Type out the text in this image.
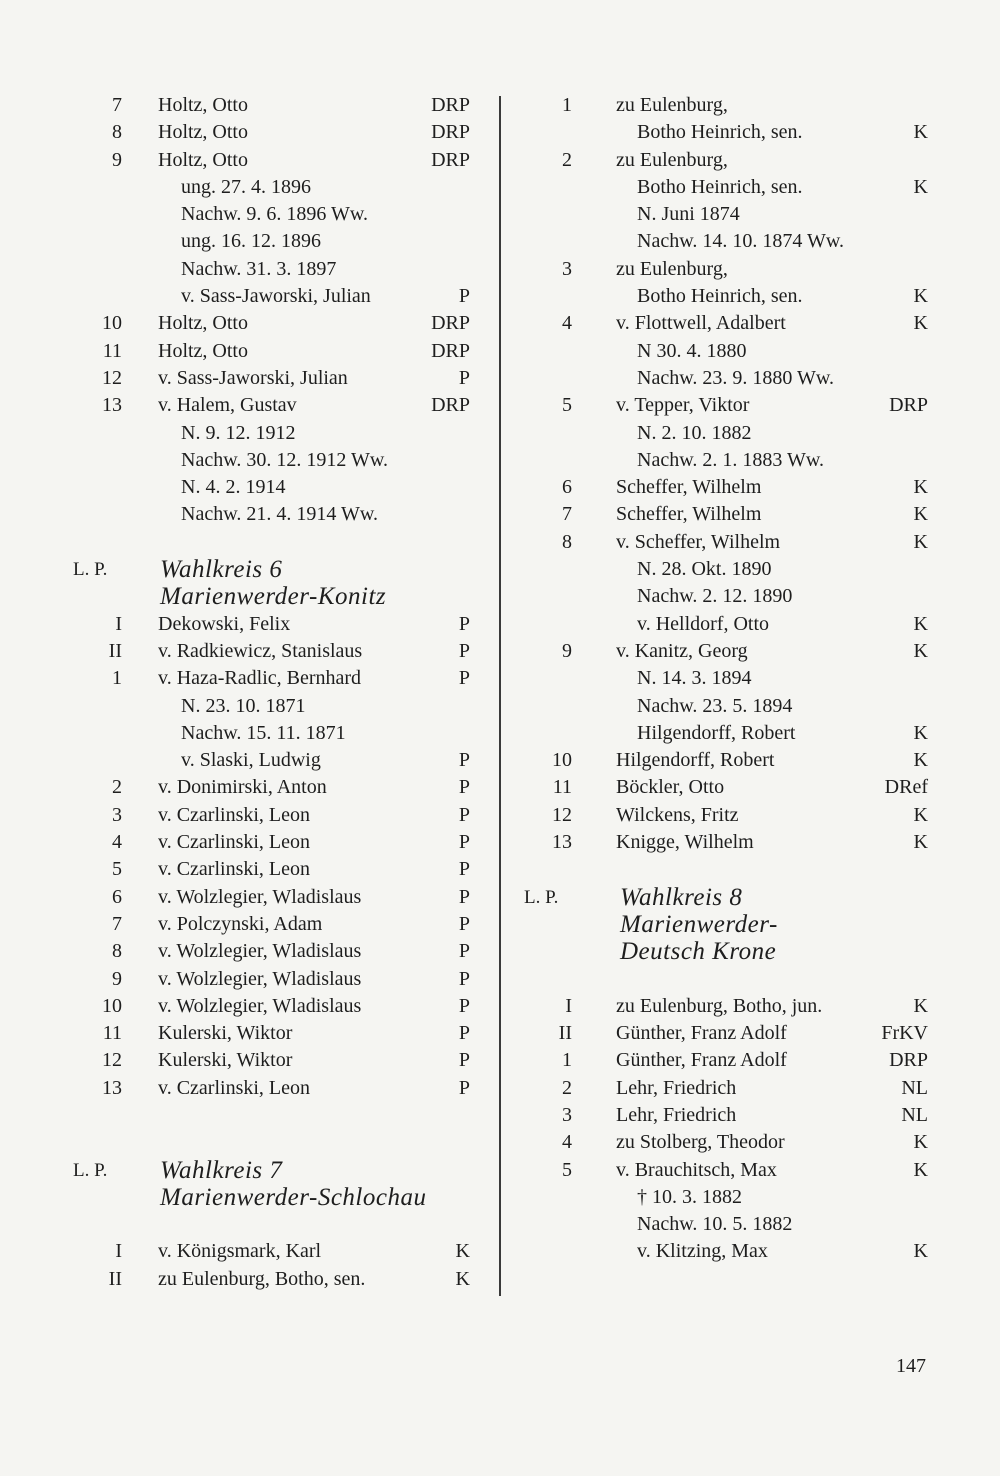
7 Holtz, Otto	DRP
8 Holtz, Otto	DRP
9 Holtz, Otto	DRP
ung. 27. 4. 1896
Nachw. 9. 6. 1896 Ww.
ung. 16. 12. 1896
Nachw. 31. 3. 1897
v. Sass-Jaworski, Julian	P
10 Holtz, Otto	DRP
11 Holtz, Otto	DRP
12 v. Sass-Jaworski, Julian	P
13 v. Halem, Gustav	DRP
N. 9. 12. 1912
Nachw. 30. 12. 1912 Ww.
N. 4. 2. 1914
Nachw. 21. 4. 1914 Ww.
L. P. Wahlkreis 6
Marienwerder-Konitz
I Dekowski, Felix	P
II v. Radkiewicz, Stanislaus	P
1 v. Haza-Radlic, Bernhard	P
N. 23. 10. 1871
Nachw. 15. 11. 1871
v. Slaski, Ludwig	P
2 v. Donimirski, Anton	P
3 v. Czarlinski, Leon	P
4 v. Czarlinski, Leon	P
5 v. Czarlinski, Leon	P
6 v. Wolzlegier, Wladislaus	P
7 v. Polczynski, Adam	P
8 v. Wolzlegier, Wladislaus	P
9 v. Wolzlegier, Wladislaus	P
10 v. Wolzlegier, Wladislaus	P
11 Kulerski, Wiktor	P
12 Kulerski, Wiktor	P
13 v. Czarlinski, Leon	P
L. P. Wahlkreis 7
Marienwerder-Schlochau
I v. Königsmark, Karl	K
II zu Eulenburg, Botho, sen.	K
1 zu Eulenburg,
Botho Heinrich, sen.	K
2 zu Eulenburg,
Botho Heinrich, sen.	K
N. Juni 1874
Nachw. 14. 10. 1874 Ww.
3 zu Eulenburg,
Botho Heinrich, sen.	K
4 v. Flottwell, Adalbert	K
N 30. 4. 1880
Nachw. 23. 9. 1880 Ww.
5 v. Tepper, Viktor	DRP
N. 2. 10. 1882
Nachw. 2. 1. 1883 Ww.
6 Scheffer, Wilhelm	K
7 Scheffer, Wilhelm	K
8 v. Scheffer, Wilhelm	K
N. 28. Okt. 1890
Nachw. 2. 12. 1890
v. Helldorf, Otto	K
9 v. Kanitz, Georg	K
N. 14. 3. 1894
Nachw. 23. 5. 1894
Hilgendorff, Robert	K
10 Hilgendorff, Robert	K
11 Böckler, Otto	DRef
12 Wilckens, Fritz	K
13 Knigge, Wilhelm	K
L. P. Wahlkreis 8
Marienwerder-
Deutsch Krone
I zu Eulenburg, Botho, jun.	K
II Günther, Franz Adolf	FrKV
1 Günther, Franz Adolf	DRP
2 Lehr, Friedrich	NL
3 Lehr, Friedrich	NL
4 zu Stolberg, Theodor	K
5 v. Brauchitsch, Max	K
† 10. 3. 1882
Nachw. 10. 5. 1882
v. Klitzing, Max	K
147
